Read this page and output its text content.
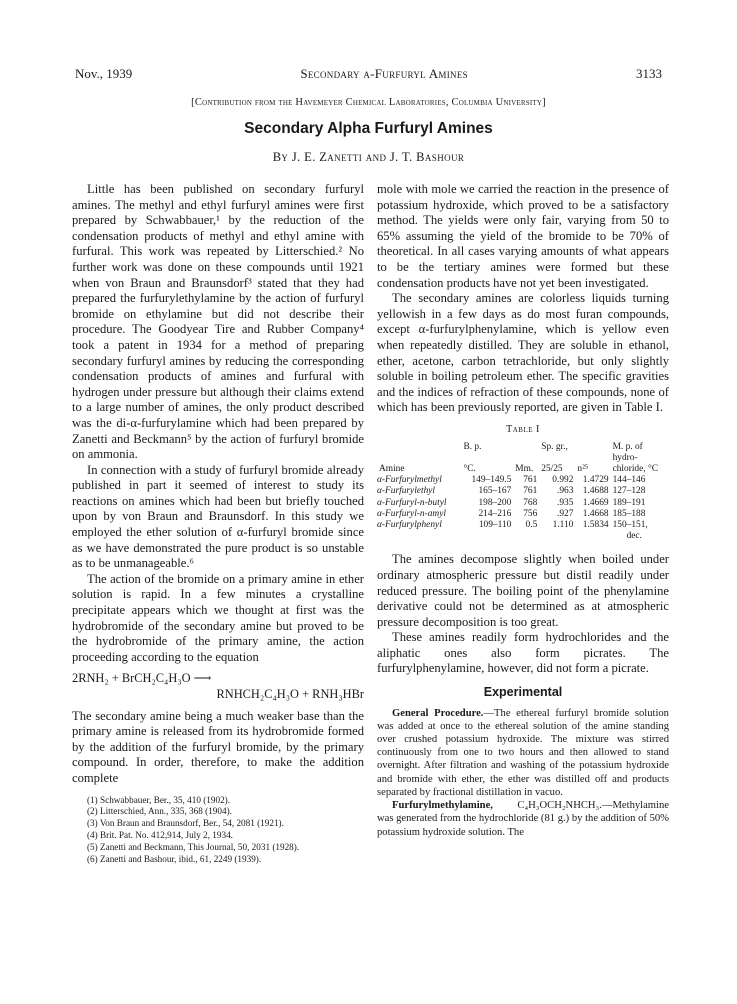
Nov., 1939	Secondary α-Furfuryl Amines	3133
[Contribution from the Havemeyer Chemical Laboratories, Columbia University]
Secondary Alpha Furfuryl Amines
By J. E. Zanetti and J. T. Bashour

Little has been published on secondary furfuryl amines. The methyl and ethyl furfuryl amines were first prepared by Schwabbauer,¹ by the reduction of the condensation products of methyl and ethyl amine with furfural. This work was repeated by Litterschied.² No further work was done on these compounds until 1921 when von Braun and Braunsdorf³ stated that they had prepared the furfurylethylamine by the action of furfuryl bromide on ethylamine but did not describe their procedure. The Goodyear Tire and Rubber Company⁴ took a patent in 1934 for a method of preparing secondary furfuryl amines by reducing the corresponding condensation products of amines and furfural with hydrogen under pressure but although their claims extend to a large number of amines, the only product described was the di-α-furfurylamine which had been prepared by Zanetti and Beckmann⁵ by the action of furfuryl bromide on ammonia.

In connection with a study of furfuryl bromide already published in part it seemed of interest to study its reactions on amines which had been but briefly touched upon by von Braun and Braunsdorf. In this study we employed the ether solution of α-furfuryl bromide since as we have demonstrated the pure product is so unstable as to be unmanageable.⁶

The action of the bromide on a primary amine in ether solution is rapid. In a few minutes a crystalline precipitate appears which we thought at first was the hydrobromide of the secondary amine but proved to be the hydrobromide of the primary amine, the action proceeding according to the equation

2RNH₂ + BrCH₂C₄H₃O ⟶
RNHCH₂C₄H₃O + RNH₃HBr

The secondary amine being a much weaker base than the primary amine is released from its hydrobromide formed by the addition of the furfuryl bromide, by the primary compound. In order, therefore, to make the addition complete

(1) Schwabbauer, Ber., 35, 410 (1902).
(2) Litterschied, Ann., 335, 368 (1904).
(3) Von Braun and Braunsdorf, Ber., 54, 2081 (1921).
(4) Brit. Pat. No. 412,914, July 2, 1934.
(5) Zanetti and Beckmann, This Journal, 50, 2031 (1928).
(6) Zanetti and Bashour, ibid., 61, 2249 (1939).

mole with mole we carried the reaction in the presence of potassium hydroxide, which proved to be a satisfactory method. The yields were only fair, varying from 50 to 65% assuming the yield of the bromide to be 70% of theoretical. In all cases varying amounts of what appears to be the tertiary amines were formed but these condensation products have not yet been investigated.

The secondary amines are colorless liquids turning yellowish in a few days as do most furan compounds, except α-furfurylphenylamine, which is yellow even when repeatedly distilled. They are soluble in ethanol, ether, acetone, carbon tetrachloride, but only slightly soluble in boiling petroleum ether. The specific gravities and the indices of refraction of these compounds, none of which has been previously reported, are given in Table I.

Table I
Amine	B. p.		Sp. gr.,	n²⁵	M. p. of
	°C.	Mm.	25/25		hydro-
					chloride, °C
α-Furfurylmethyl	149–149.5	761	0.992	1.4729	144–146
α-Furfurylethyl	165–167	761	.963	1.4688	127–128
α-Furfuryl-n-butyl	198–200	768	.935	1.4669	189–191
α-Furfuryl-n-amyl	214–216	756	.927	1.4668	185–188
α-Furfurylphenyl	109–110	0.5	1.110	1.5834	150–151,
					dec.

The amines decompose slightly when boiled under ordinary atmospheric pressure but distil readily under reduced pressure. The boiling point of the phenylamine derivative could not be determined as at atmospheric pressure decomposition is too great.

These amines readily form hydrochlorides and the aliphatic ones also form picrates. The furfurylphenylamine, however, did not form a picrate.

Experimental

General Procedure.—The ethereal furfuryl bromide solution was added at once to the ethereal solution of the amine standing over crushed potassium hydroxide. The mixture was stirred continuously from one to two hours and then allowed to stand overnight. After filtration and washing of the potassium hydroxide and bromide with ether, the ether was distilled off and products separated by fractional distillation in vacuo.

Furfurylmethylamine, C₄H₃OCH₂NHCH₃.—Methylamine was generated from the hydrochloride (81 g.) by the addition of 50% potassium hydroxide solution. The
